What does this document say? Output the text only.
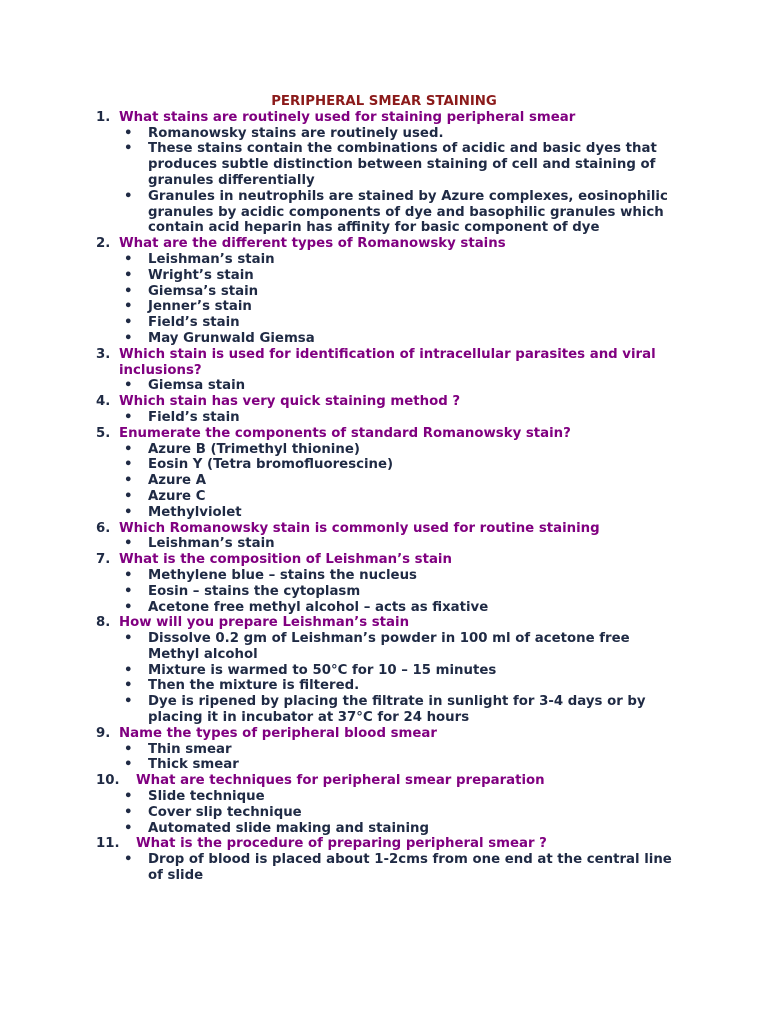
PERIPHERAL SMEAR STAINING

1. What stains are routinely used for staining peripheral smear

• Romanowsky stains are routinely used.

• These stains contain the combinations of acidic and basic dyes that produces subtle distinction between staining of cell and staining of granules differentially

• Granules in neutrophils are stained by Azure complexes, eosinophilic granules by acidic components of dye and basophilic granules which contain acid heparin has affinity for basic component of dye

2. What are the different types of Romanowsky stains

• Leishman’s stain

• Wright’s stain

• Giemsa’s stain

• Jenner’s stain

• Field’s stain

• May Grunwald Giemsa

3. Which stain is used for identification of intracellular parasites and viral inclusions?

• Giemsa stain

4. Which stain has very quick staining method ?

• Field’s stain

5. Enumerate the components of standard Romanowsky stain?

• Azure B (Trimethyl thionine)

• Eosin Y (Tetra bromofluorescine)

• Azure A

• Azure C

• Methylviolet

6. Which Romanowsky stain is commonly used for routine staining

• Leishman’s stain

7. What is the composition of Leishman’s stain

• Methylene blue – stains the nucleus

• Eosin – stains the cytoplasm

• Acetone free methyl alcohol – acts as fixative

8. How will you prepare Leishman’s stain

• Dissolve 0.2 gm of Leishman’s powder in 100 ml of acetone free Methyl alcohol

• Mixture is warmed to 50°C for 10 – 15 minutes

• Then the mixture is filtered.

• Dye is ripened by placing the filtrate in sunlight for 3-4 days or by placing it in incubator at 37°C for 24 hours

9. Name the types of peripheral blood smear

• Thin smear

• Thick smear

10. What are techniques for peripheral smear preparation

• Slide technique

• Cover slip technique

• Automated slide making and staining

11. What is the procedure of preparing peripheral smear ?

• Drop of blood is placed about 1-2cms from one end at the central line of slide
